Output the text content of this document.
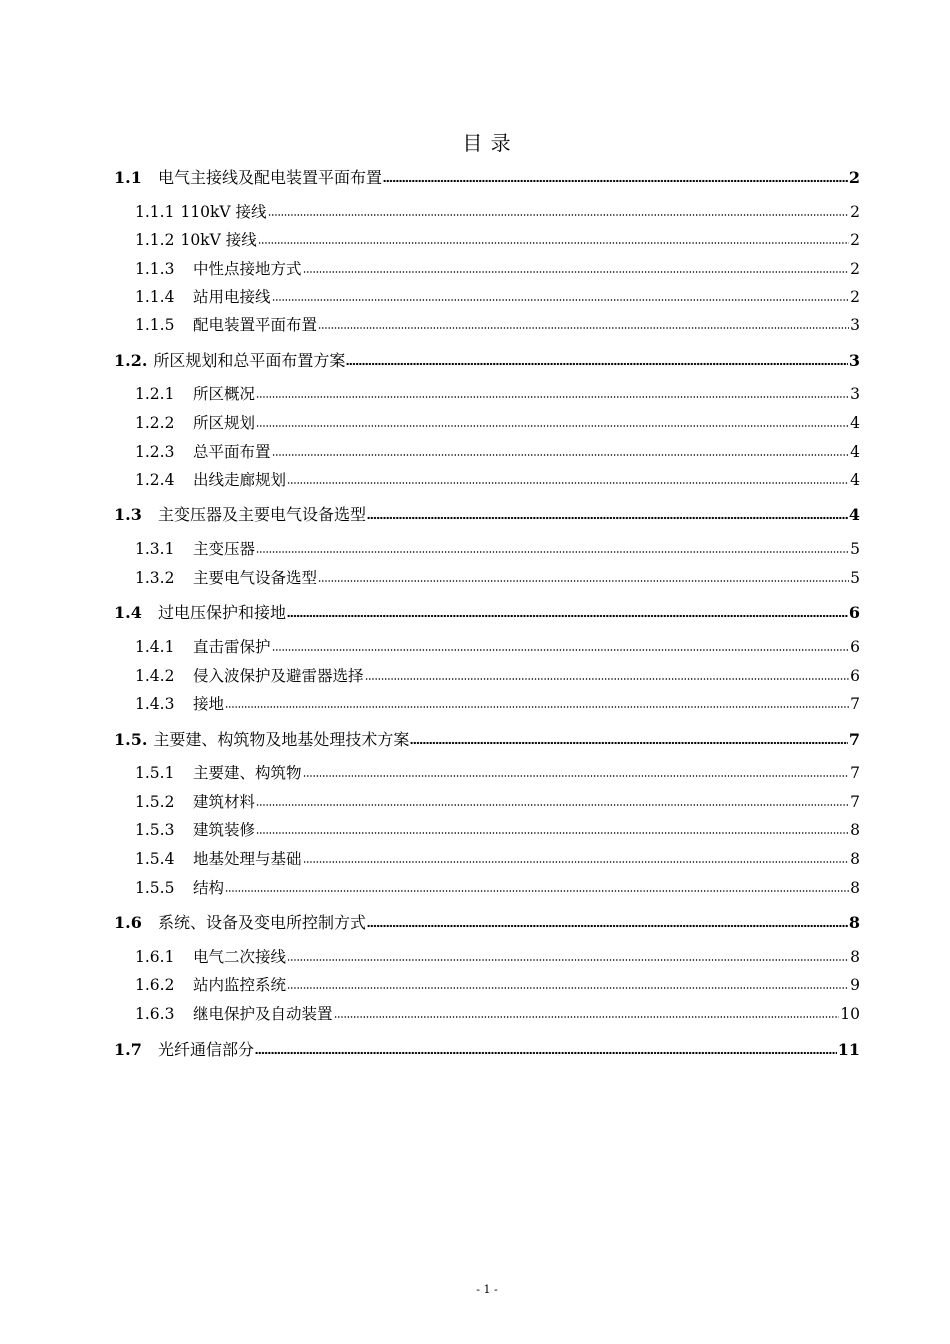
目 录
1.1	电气主接线及配电装置平面布置	2
1.1.1 110kV 接线	2
1.1.2 10kV 接线	2
1.1.3	中性点接地方式	2
1.1.4	站用电接线	2
1.1.5	配电装置平面布置	3
1.2. 所区规划和总平面布置方案	3
1.2.1	所区概况	3
1.2.2	所区规划	4
1.2.3	总平面布置	4
1.2.4	出线走廊规划	4
1.3	主变压器及主要电气设备选型	4
1.3.1	主变压器	5
1.3.2	主要电气设备选型	5
1.4	过电压保护和接地	6
1.4.1	直击雷保护	6
1.4.2	侵入波保护及避雷器选择	6
1.4.3	接地	7
1.5. 主要建、构筑物及地基处理技术方案	7
1.5.1	主要建、构筑物	7
1.5.2	建筑材料	7
1.5.3	建筑装修	8
1.5.4	地基处理与基础	8
1.5.5	结构	8
1.6	系统、设备及变电所控制方式	8
1.6.1	电气二次接线	8
1.6.2	站内监控系统	9
1.6.3	继电保护及自动装置	10
1.7	光纤通信部分	11
- 1 -
